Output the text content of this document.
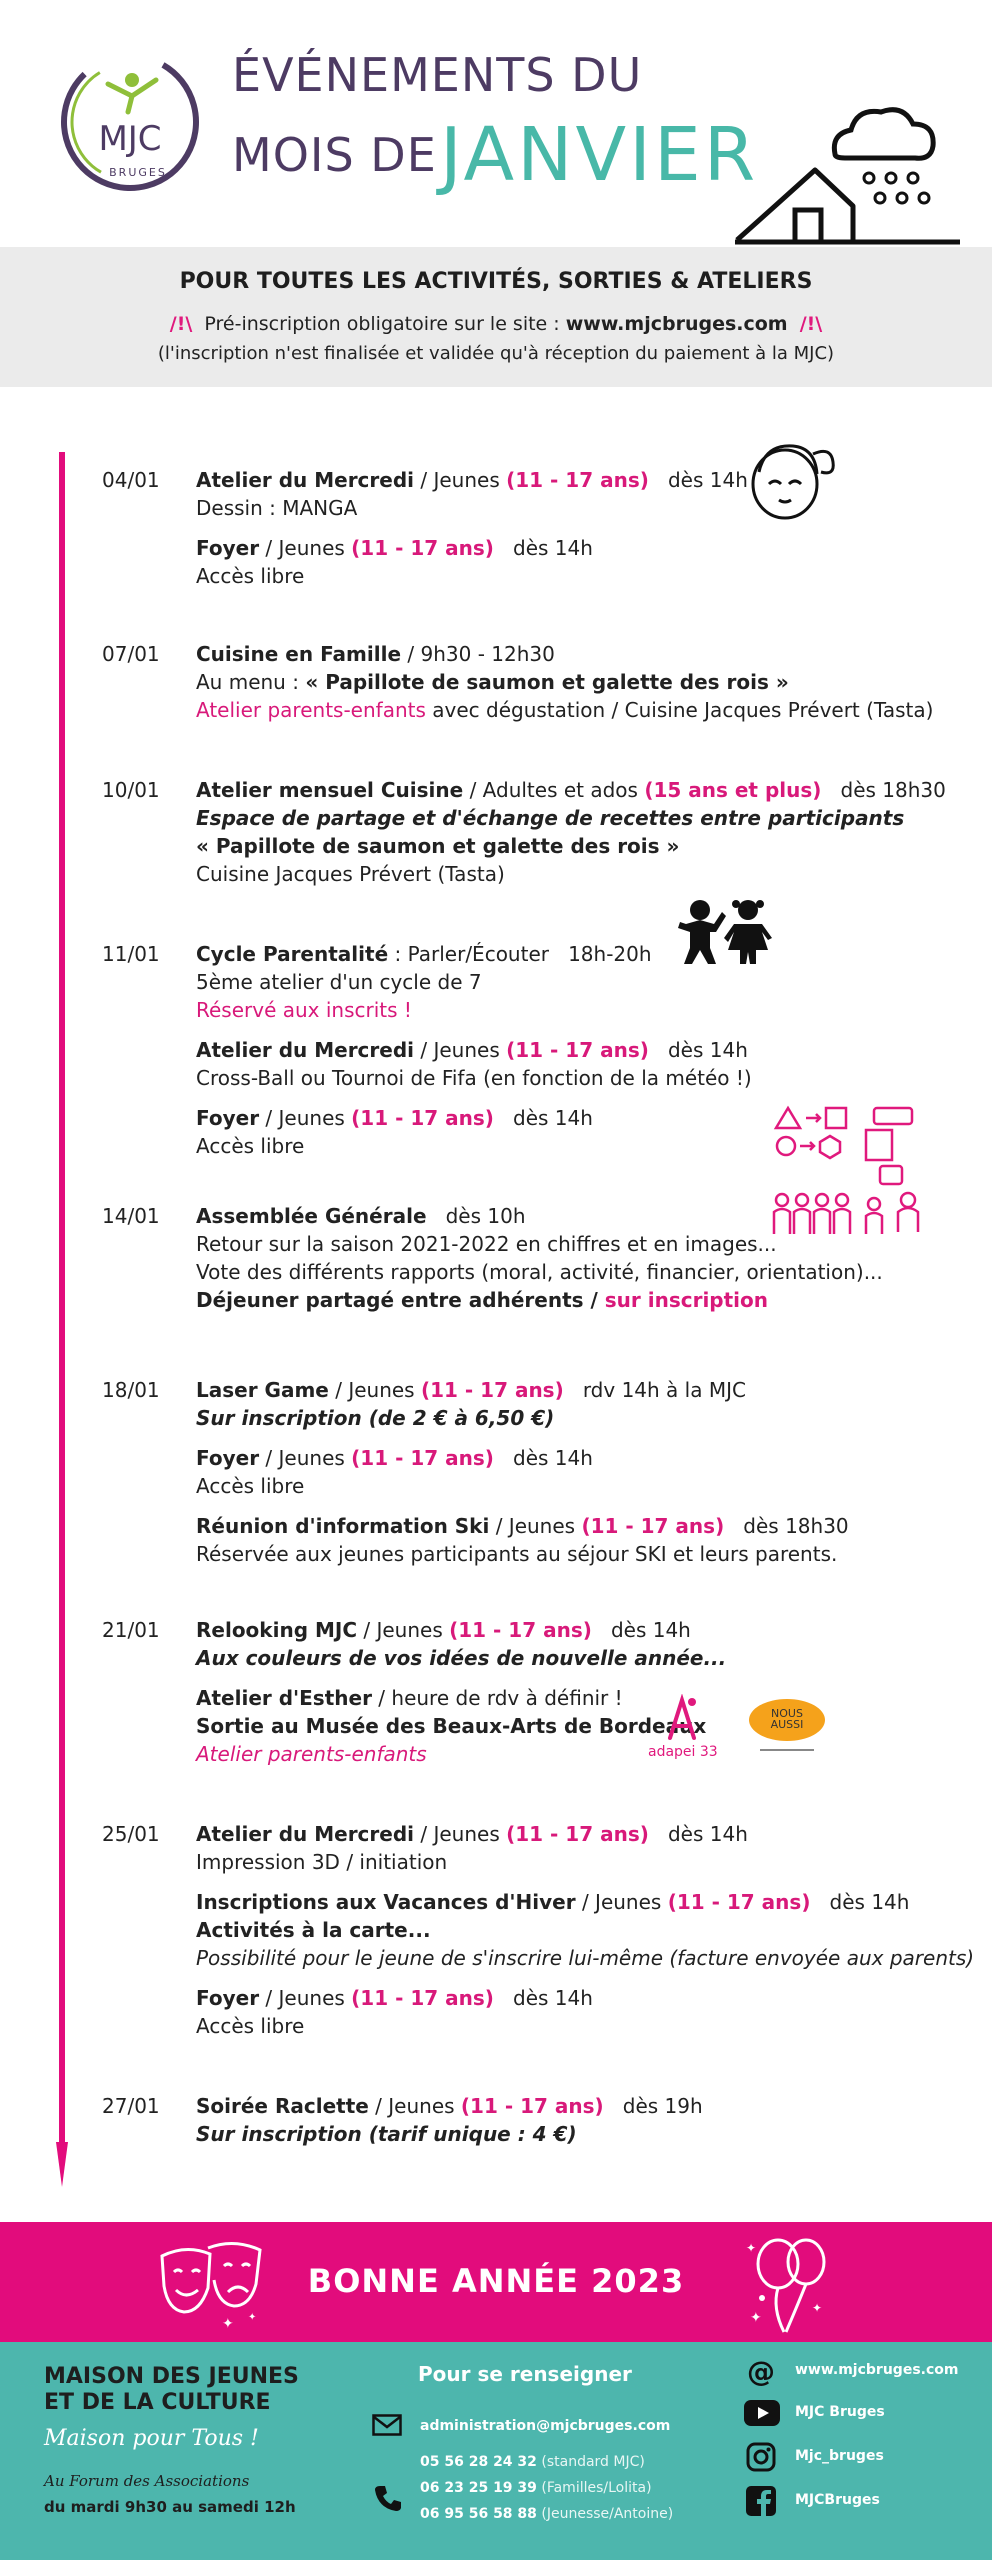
MJC
BRUGES
ÉVÉNEMENTS DU
MOIS DE JANVIER
POUR TOUTES LES ACTIVITÉS, SORTIES & ATELIERS
/!\ Pré-inscription obligatoire sur le site : www.mjcbruges.com /!\
(l'inscription n'est finalisée et validée qu'à réception du paiement à la MJC)
04/01 Atelier du Mercredi / Jeunes (11 - 17 ans) dès 14h
Dessin : MANGA
Foyer / Jeunes (11 - 17 ans) dès 14h
Accès libre
07/01 Cuisine en Famille / 9h30 - 12h30
Au menu : « Papillote de saumon et galette des rois »
Atelier parents-enfants avec dégustation / Cuisine Jacques Prévert (Tasta)
10/01 Atelier mensuel Cuisine / Adultes et ados (15 ans et plus) dès 18h30
Espace de partage et d'échange de recettes entre participants
« Papillote de saumon et galette des rois »
Cuisine Jacques Prévert (Tasta)
11/01 Cycle Parentalité : Parler/Écouter 18h-20h
5ème atelier d'un cycle de 7
Réservé aux inscrits !
Atelier du Mercredi / Jeunes (11 - 17 ans) dès 14h
Cross-Ball ou Tournoi de Fifa (en fonction de la météo !)
Foyer / Jeunes (11 - 17 ans) dès 14h
Accès libre
14/01 Assemblée Générale dès 10h
Retour sur la saison 2021-2022 en chiffres et en images...
Vote des différents rapports (moral, activité, financier, orientation)...
Déjeuner partagé entre adhérents / sur inscription
18/01 Laser Game / Jeunes (11 - 17 ans) rdv 14h à la MJC
Sur inscription (de 2 € à 6,50 €)
Foyer / Jeunes (11 - 17 ans) dès 14h
Accès libre
Réunion d'information Ski / Jeunes (11 - 17 ans) dès 18h30
Réservée aux jeunes participants au séjour SKI et leurs parents.
21/01 Relooking MJC / Jeunes (11 - 17 ans) dès 14h
Aux couleurs de vos idées de nouvelle année...
Atelier d'Esther / heure de rdv à définir !
Sortie au Musée des Beaux-Arts de Bordeaux
Atelier parents-enfants	adapei 33
NOUS AUSSI
25/01 Atelier du Mercredi / Jeunes (11 - 17 ans) dès 14h
Impression 3D / initiation
Inscriptions aux Vacances d'Hiver / Jeunes (11 - 17 ans) dès 14h
Activités à la carte...
Possibilité pour le jeune de s'inscrire lui-même (facture envoyée aux parents)
Foyer / Jeunes (11 - 17 ans) dès 14h
Accès libre
27/01 Soirée Raclette / Jeunes (11 - 17 ans) dès 19h
Sur inscription (tarif unique : 4 €)
✦ ✦
BONNE ANNÉE 2023
✦
✦
✦
MAISON DES JEUNES
ET DE LA CULTURE
Maison pour Tous !
Au Forum des Associations
du mardi 9h30 au samedi 12h
Pour se renseigner
administration@mjcbruges.com
05 56 28 24 32 (standard MJC)
06 23 25 19 39 (Familles/Lolita)
06 95 56 58 88 (Jeunesse/Antoine)
@ www.mjcbruges.com
MJC Bruges
Mjc_bruges
MJCBruges
